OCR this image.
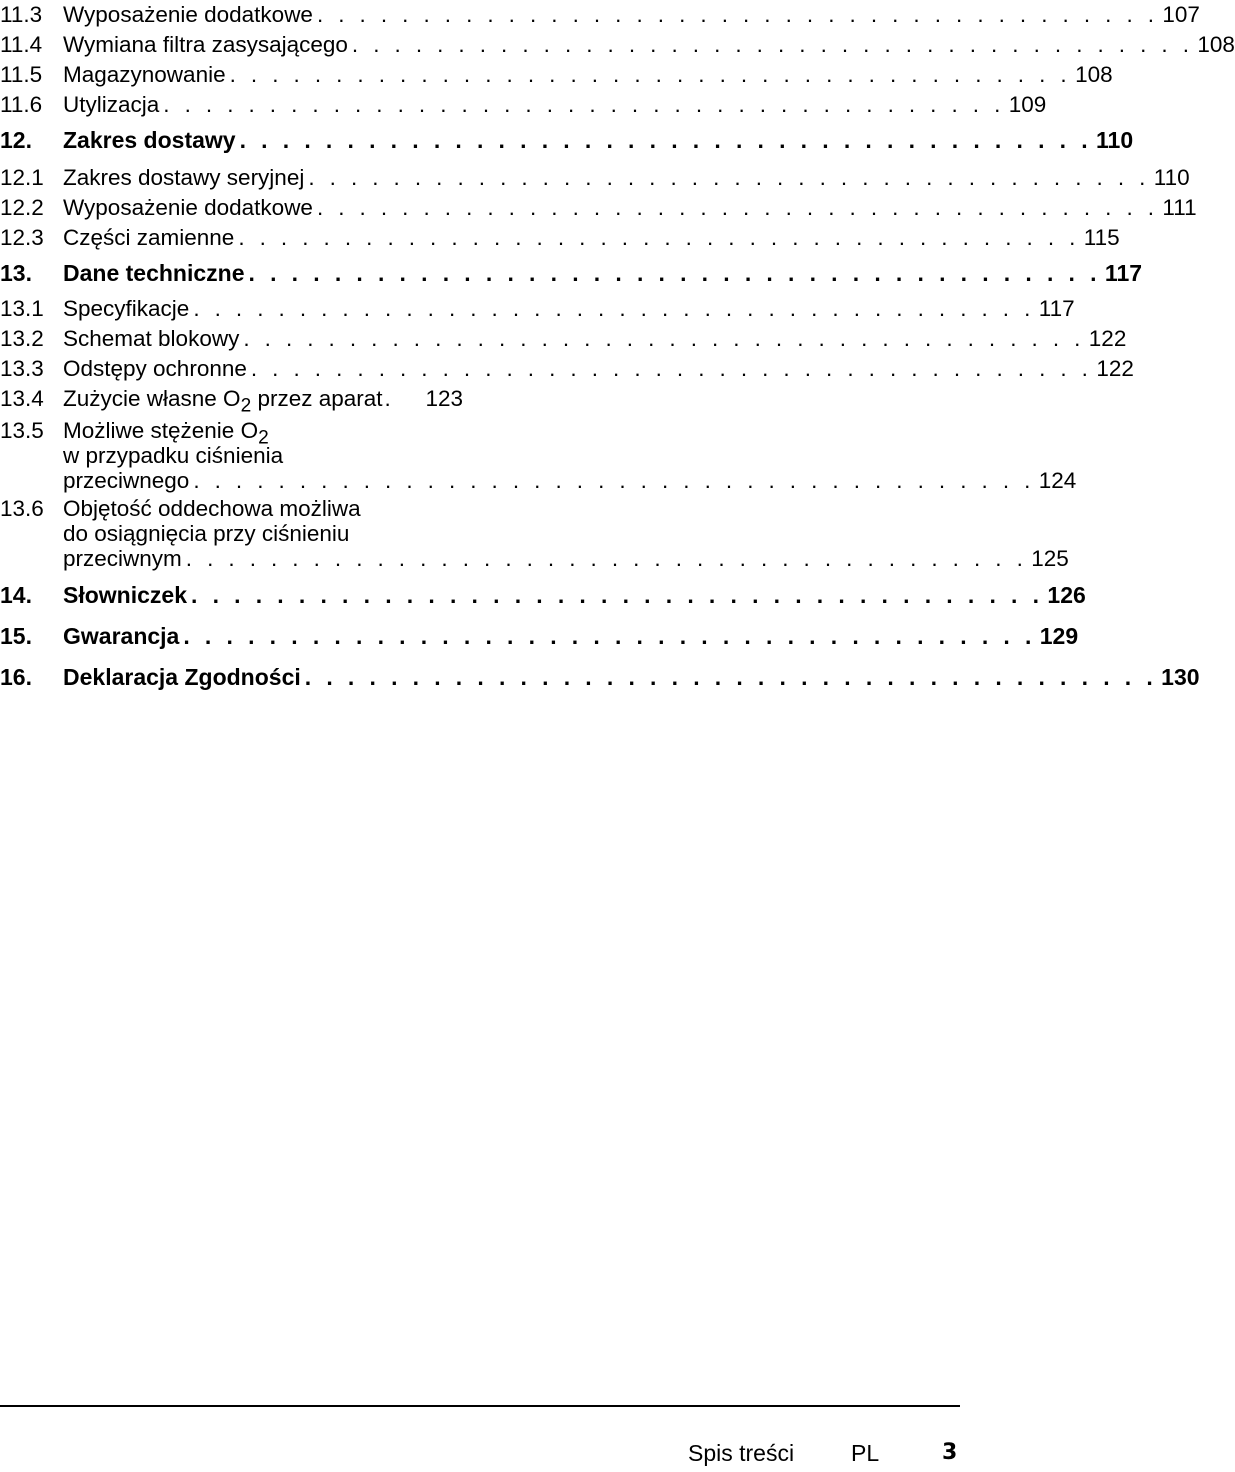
11.3 Wyposażenie dodatkowe . . . . . . . . . . . . . . . . . . . . . . . . . . . . . . . . . . . . . . . . 107
11.4 Wymiana filtra zasysającego . . . . . . . . . . . . . . . . . . . . . . . . . . . . . . . . . . . . . . . . 108
11.5 Magazynowanie . . . . . . . . . . . . . . . . . . . . . . . . . . . . . . . . . . . . . . . . 108
11.6 Utylizacja . . . . . . . . . . . . . . . . . . . . . . . . . . . . . . . . . . . . . . . . 109
12. Zakres dostawy . . . . . . . . . . . . . . . . . . . . . . . . . . . . . . . . . . . . . . . . 110
12.1 Zakres dostawy seryjnej . . . . . . . . . . . . . . . . . . . . . . . . . . . . . . . . . . . . . . . . 110
12.2 Wyposażenie dodatkowe . . . . . . . . . . . . . . . . . . . . . . . . . . . . . . . . . . . . . . . . 111
12.3 Części zamienne . . . . . . . . . . . . . . . . . . . . . . . . . . . . . . . . . . . . . . . . 115
13. Dane techniczne . . . . . . . . . . . . . . . . . . . . . . . . . . . . . . . . . . . . . . . . 117
13.1 Specyfikacje . . . . . . . . . . . . . . . . . . . . . . . . . . . . . . . . . . . . . . . . 117
13.2 Schemat blokowy . . . . . . . . . . . . . . . . . . . . . . . . . . . . . . . . . . . . . . . . 122
13.3 Odstępy ochronne . . . . . . . . . . . . . . . . . . . . . . . . . . . . . . . . . . . . . . . . 122
13.4 Zużycie własne $O_2$ przez aparat . 123
13.5 Możliwe stężenie $O_2$
w przypadku ciśnienia
przeciwnego . . . . . . . . . . . . . . . . . . . . . . . . . . . . . . . . . . . . . . . . 124
13.6 Objętość oddechowa możliwa
do osiągnięcia przy ciśnieniu
przeciwnym . . . . . . . . . . . . . . . . . . . . . . . . . . . . . . . . . . . . . . . . 125
14. Słowniczek . . . . . . . . . . . . . . . . . . . . . . . . . . . . . . . . . . . . . . . . 126
15. Gwarancja . . . . . . . . . . . . . . . . . . . . . . . . . . . . . . . . . . . . . . . . 129
16. Deklaracja Zgodności . . . . . . . . . . . . . . . . . . . . . . . . . . . . . . . . . . . . . . . . 130
Spis treści PL	3
